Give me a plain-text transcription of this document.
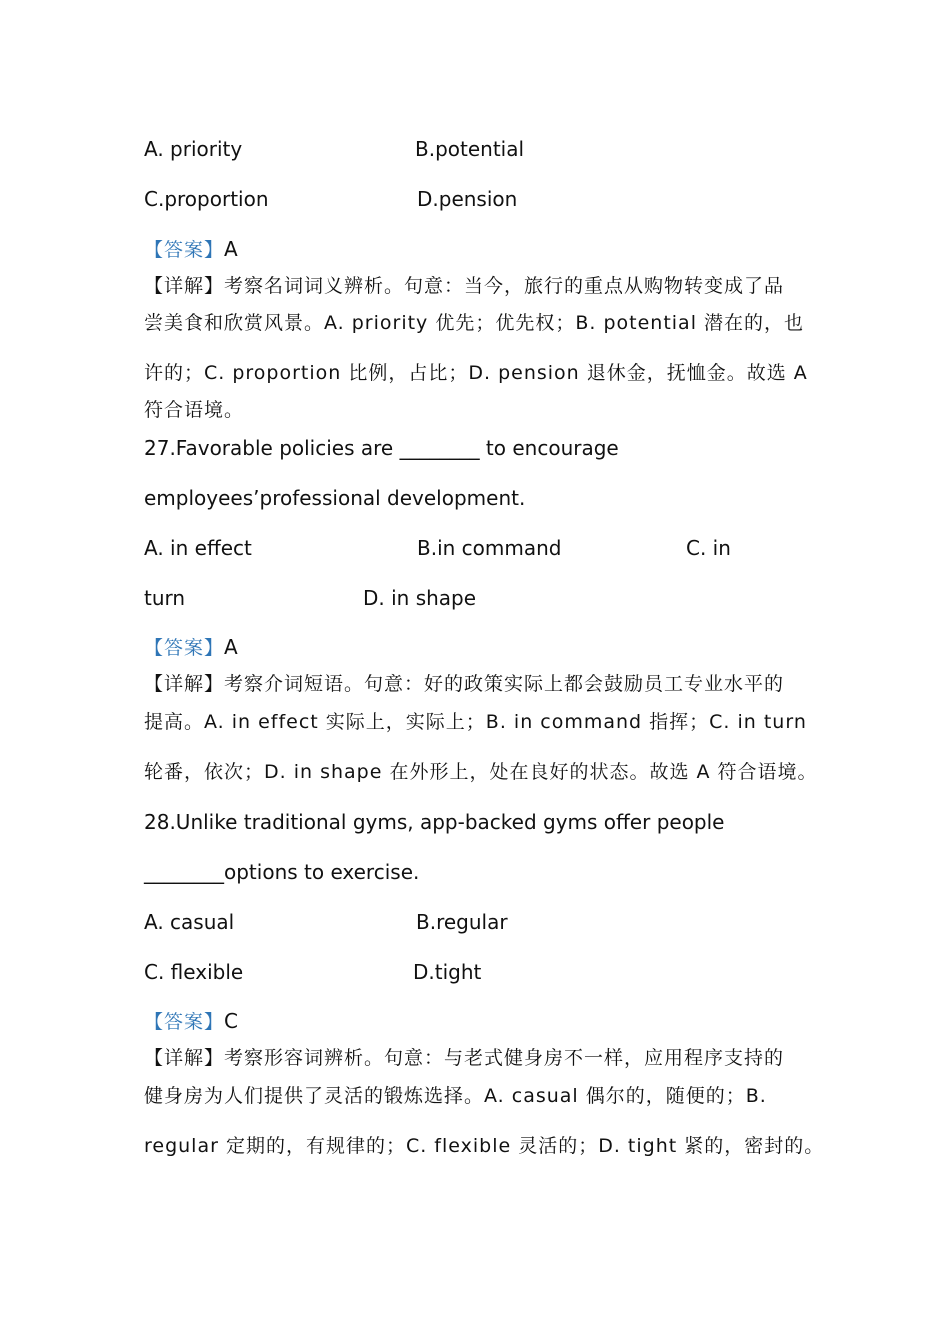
A. priority	B.potential
C.proportion	D.pension
【答案】A
【详解】考察名词词义辨析。句意：当今，旅行的重点从购物转变成了品
尝美食和欣赏风景。A. priority 优先；优先权；B. potential 潜在的，也
许的；C. proportion 比例，占比；D. pension 退休金，抚恤金。故选 A
符合语境。
27.Favorable policies are ________ to encourage
employees’professional development.
A. in effect	B.in command	C. in
turn	D. in shape
【答案】A
【详解】考察介词短语。句意：好的政策实际上都会鼓励员工专业水平的
提高。A. in effect 实际上，实际上；B. in command 指挥；C. in turn
轮番，依次；D. in shape 在外形上，处在良好的状态。故选 A 符合语境。
28.Unlike traditional gyms, app-backed gyms offer people
________options to exercise.
A. casual	B.regular
C. flexible	D.tight
【答案】C
【详解】考察形容词辨析。句意：与老式健身房不一样，应用程序支持的
健身房为人们提供了灵活的锻炼选择。A. casual 偶尔的，随便的；B.
regular 定期的，有规律的；C. flexible 灵活的；D. tight 紧的，密封的。
